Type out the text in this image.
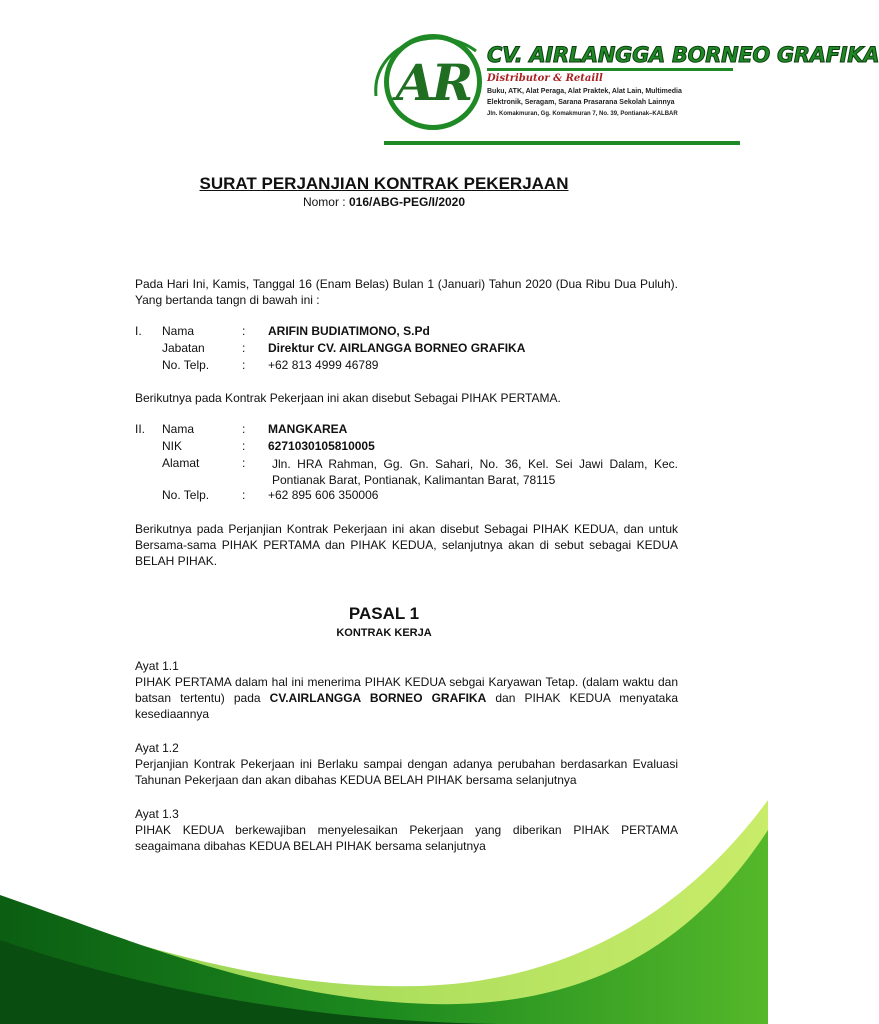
AR CV. AIRLANGGA BORNEO GRAFIKA
Distributor & Retaill
Buku, ATK, Alat Peraga, Alat Praktek, Alat Lain, Multimedia
Elektronik, Seragam, Sarana Prasarana Sekolah Lainnya
Jln. Komakmuran, Gg. Komakmuran 7, No. 39, Pontianak–KALBAR
SURAT PERJANJIAN KONTRAK PEKERJAAN
Nomor : 016/ABG-PEG/I/2020
Pada Hari Ini, Kamis, Tanggal 16 (Enam Belas) Bulan 1 (Januari) Tahun 2020 (Dua Ribu Dua Puluh). Yang bertanda tangn di bawah ini :
I. Nama	: ARIFIN BUDIATIMONO, S.Pd
Jabatan	: Direktur CV. AIRLANGGA BORNEO GRAFIKA
No. Telp.	: +62 813 4999 46789
Berikutnya pada Kontrak Pekerjaan ini akan disebut Sebagai PIHAK PERTAMA.
II. Nama	: MANGKAREA
NIK	: 6271030105810005
Alamat	: Jln. HRA Rahman, Gg. Gn. Sahari, No. 36, Kel. Sei Jawi Dalam, Kec. Pontianak Barat, Pontianak, Kalimantan Barat, 78115
No. Telp.	: +62 895 606 350006
Berikutnya pada Perjanjian Kontrak Pekerjaan ini akan disebut Sebagai PIHAK KEDUA, dan untuk Bersama-sama PIHAK PERTAMA dan PIHAK KEDUA, selanjutnya akan di sebut sebagai KEDUA BELAH PIHAK.
PASAL 1
KONTRAK KERJA
Ayat 1.1
PIHAK PERTAMA dalam hal ini menerima PIHAK KEDUA sebgai Karyawan Tetap. (dalam waktu dan batsan tertentu) pada CV.AIRLANGGA BORNEO GRAFIKA dan PIHAK KEDUA menyataka kesediaannya
Ayat 1.2
Perjanjian Kontrak Pekerjaan ini Berlaku sampai dengan adanya perubahan berdasarkan Evaluasi Tahunan Pekerjaan dan akan dibahas KEDUA BELAH PIHAK bersama selanjutnya
Ayat 1.3
PIHAK KEDUA berkewajiban menyelesaikan Pekerjaan yang diberikan PIHAK PERTAMA seagaimana dibahas KEDUA BELAH PIHAK bersama selanjutnya
